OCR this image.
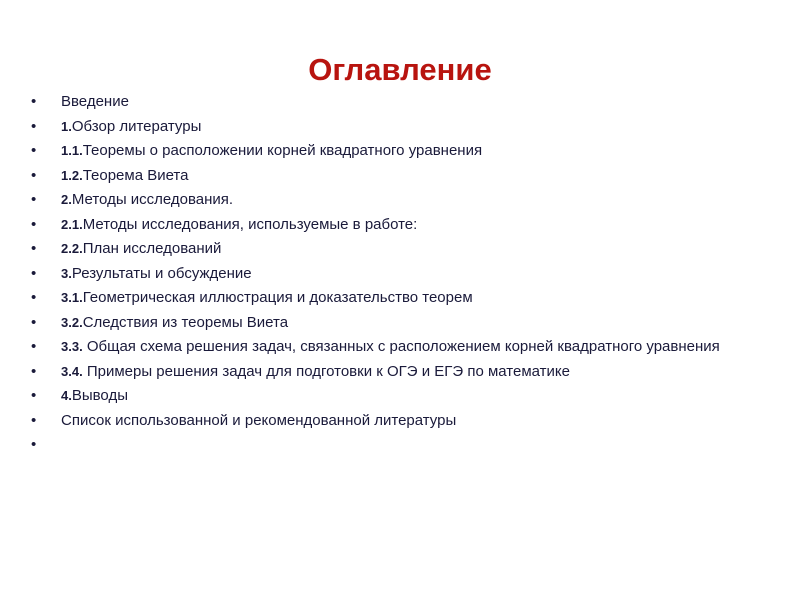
Оглавление
•	Введение
•	1.Обзор литературы
•	1.1.Теоремы о расположении корней квадратного уравнения
•	1.2.Теорема Виета
•	2.Методы исследования.
•	2.1.Методы исследования, используемые в работе:
•	2.2.План исследований
•	3.Результаты и обсуждение
•	3.1.Геометрическая иллюстрация и доказательство теорем
•	3.2.Следствия из теоремы Виета
•	3.3. Общая схема решения задач, связанных с расположением корней квадратного уравнения
•	3.4. Примеры решения задач для подготовки к ОГЭ и ЕГЭ по математике
•	4.Выводы
•	Список использованной и рекомендованной литературы
•
